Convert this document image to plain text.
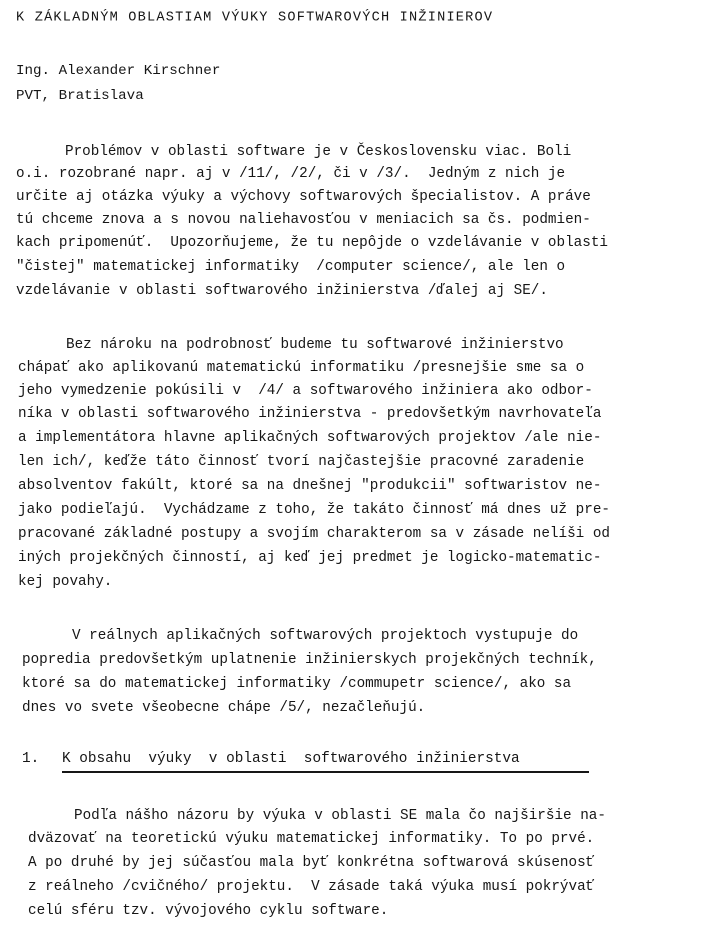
K ZÁKLADNÝM OBLASTIAM VÝUKY SOFTWAROVÝCH INŽINIEROV
Ing. Alexander Kirschner
PVT, Bratislava
Problémov v oblasti software je v Československu viac. Boli
o.i. rozobrané napr. aj v /11/, /2/, či v /3/.  Jedným z nich je
určite aj otázka výuky a výchovy softwarových špecialistov. A práve
tú chceme znova a s novou naliehavosťou v meniacich sa čs. podmien-
kach pripomenúť.  Upozorňujeme, že tu nepôjde o vzdelávanie v oblasti
"čistej" matematickej informatiky  /computer science/, ale len o
vzdelávanie v oblasti softwarového inžinierstva /ďalej aj SE/.
Bez nároku na podrobnosť budeme tu softwarové inžinierstvo
chápať ako aplikovanú matematickú informatiku /presnejšie sme sa o
jeho vymedzenie pokúsili v  /4/ a softwarového inžiniera ako odbor-
níka v oblasti softwarového inžinierstva - predovšetkým navrhovateľa
a implementátora hlavne aplikačných softwarových projektov /ale nie-
len ich/, keďže táto činnosť tvorí najčastejšie pracovné zaradenie
absolventov fakúlt, ktoré sa na dnešnej "produkcii" softwaristov ne-
jako podieľajú.  Vychádzame z toho, že takáto činnosť má dnes už pre-
pracované základné postupy a svojím charakterom sa v zásade nelíši od
iných projekčných činností, aj keď jej predmet je logicko-matematic-
kej povahy.
V reálnych aplikačných softwarových projektoch vystupuje do
popredia predovšetkým uplatnenie inžinierskych projekčných techník,
ktoré sa do matematickej informatiky /commupetr science/, ako sa
dnes vo svete všeobecne chápe /5/, nezačleňujú.

1.

K obsahu  výuky  v oblasti  softwarového inžinierstva

Podľa nášho názoru by výuka v oblasti SE mala čo najširšie na-
dväzovať na teoretickú výuku matematickej informatiky. To po prvé.
A po druhé by jej súčasťou mala byť konkrétna softwarová skúsenosť
z reálneho /cvičného/ projektu.  V zásade taká výuka musí pokrývať
celú sféru tzv. vývojového cyklu software.
